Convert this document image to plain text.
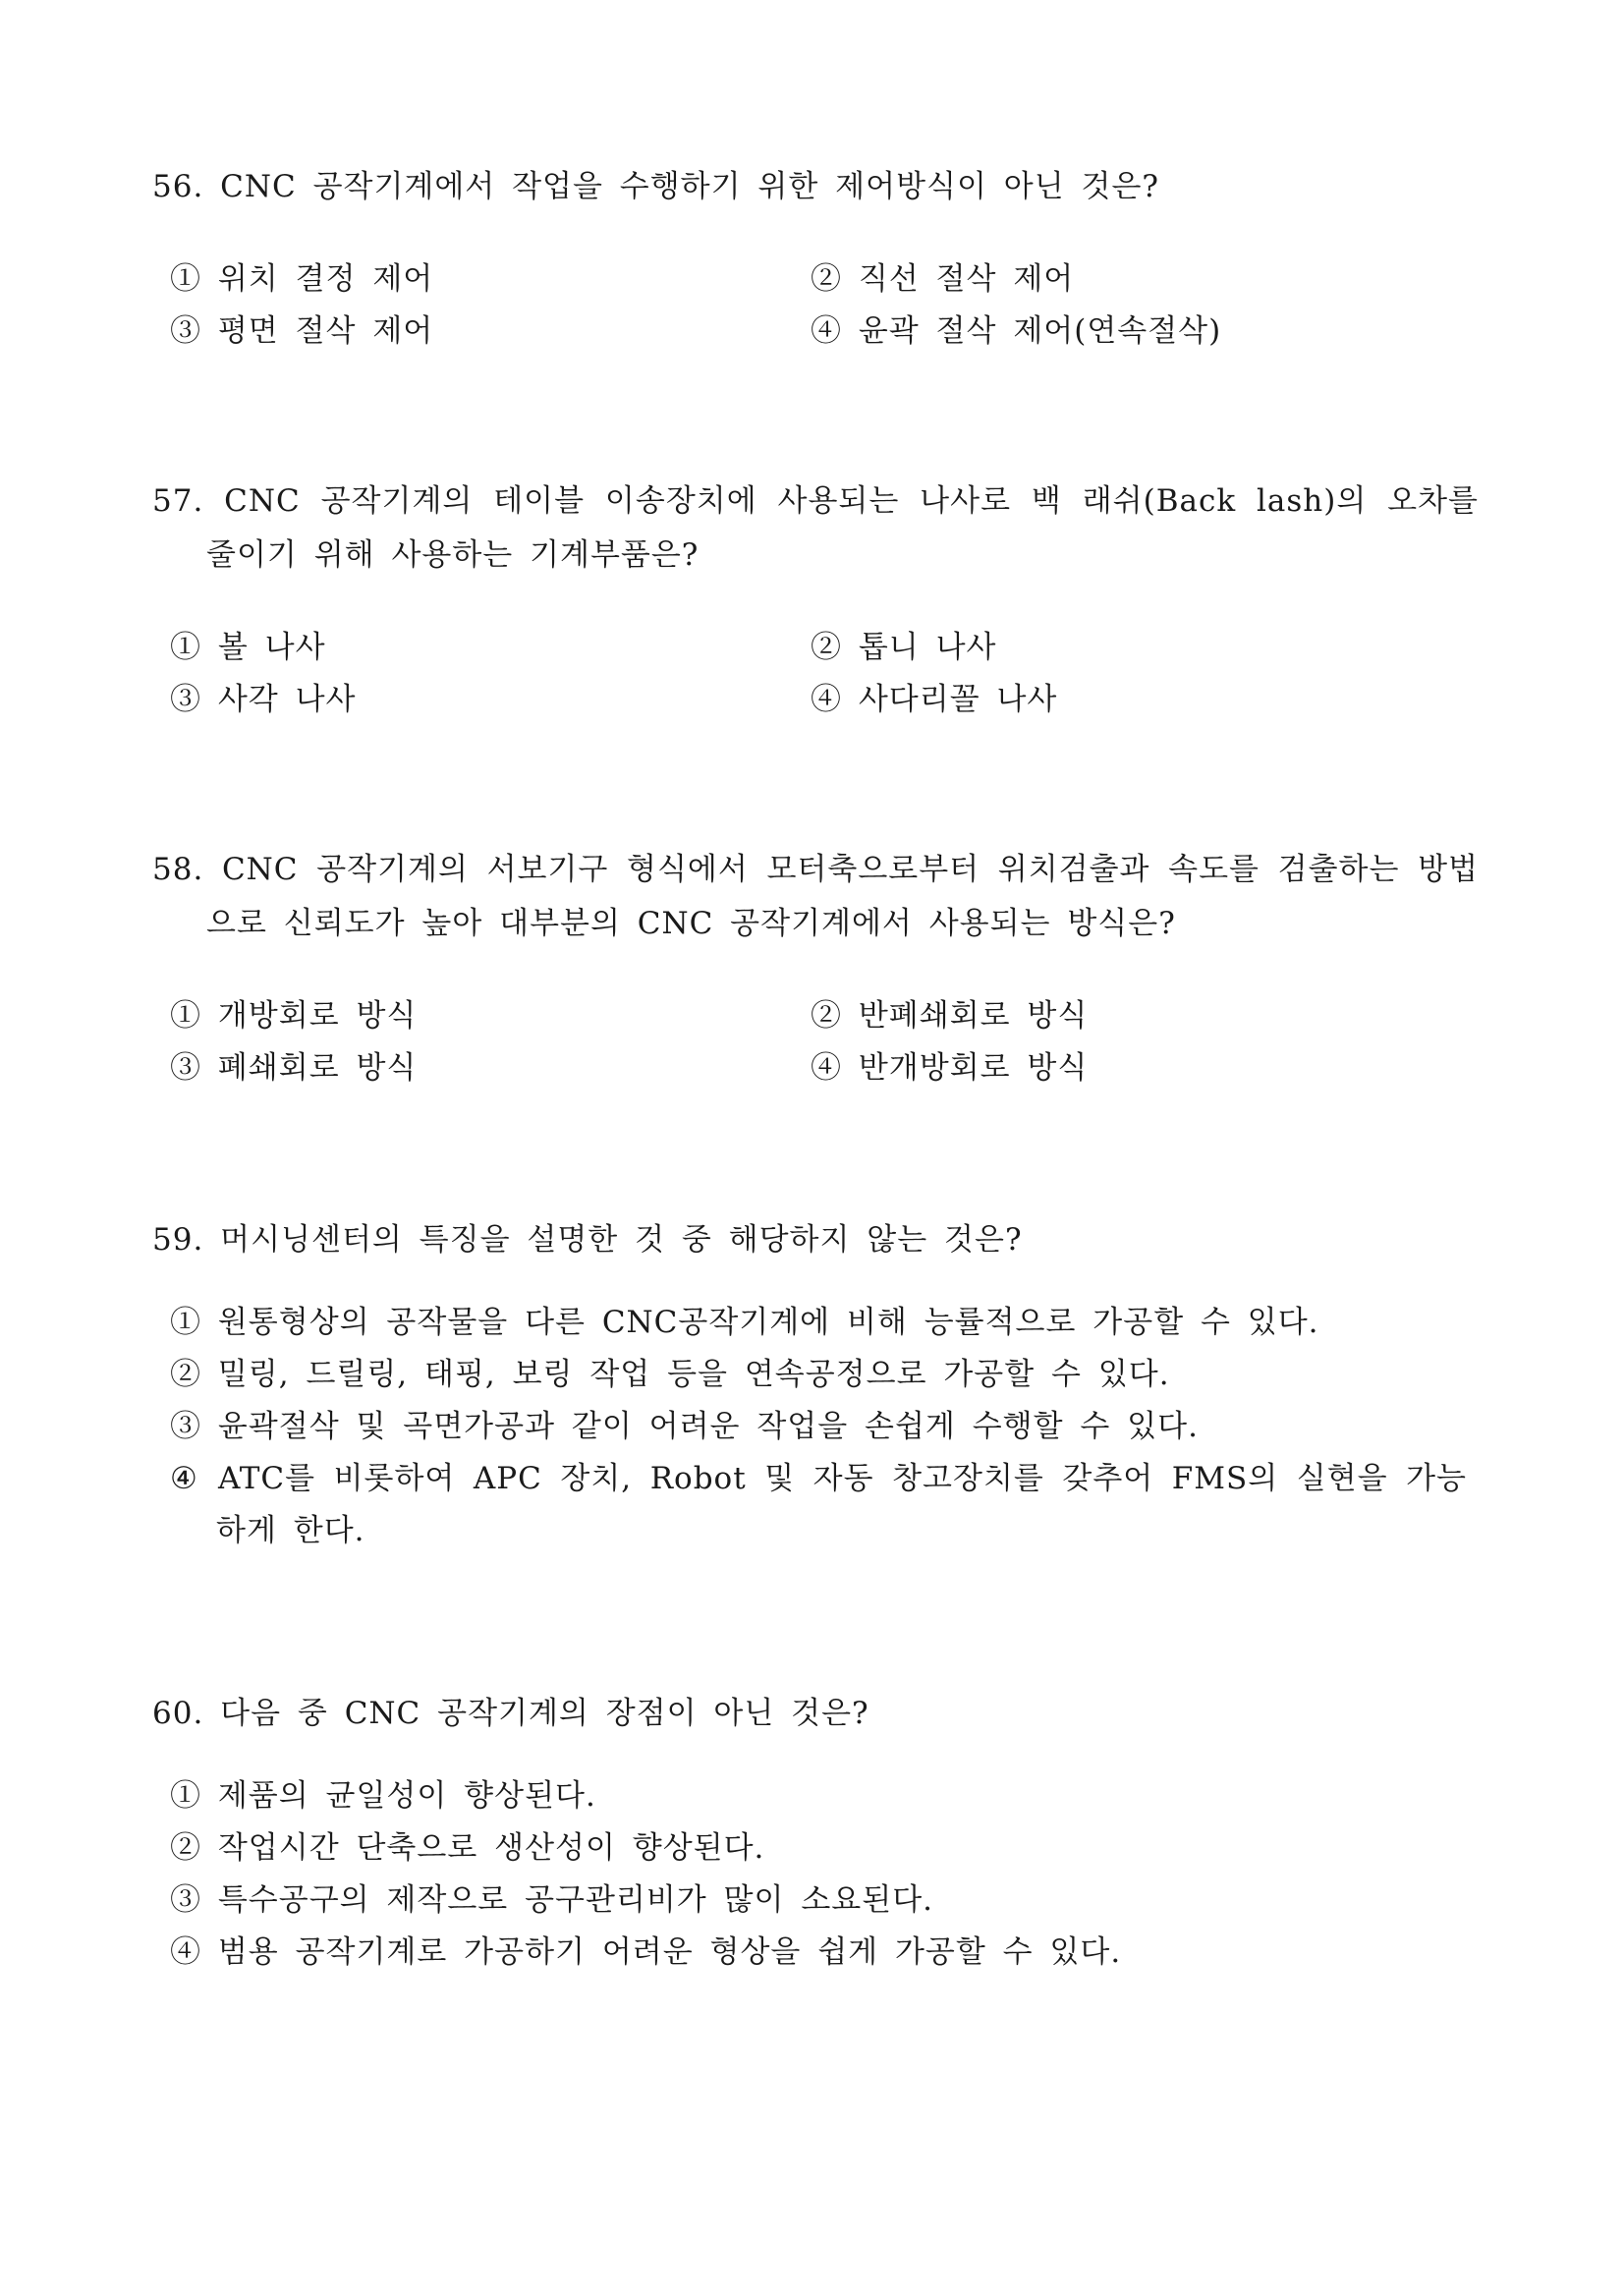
56. CNC 공작기계에서 작업을 수행하기 위한 제어방식이 아닌 것은?
① 위치 결정 제어	② 직선 절삭 제어
③ 평면 절삭 제어	④ 윤곽 절삭 제어(연속절삭)
57. CNC 공작기계의 테이블 이송장치에 사용되는 나사로 백 래쉬(Back lash)의 오차를 줄이기 위해 사용하는 기계부품은?
① 볼 나사	② 톱니 나사
③ 사각 나사	④ 사다리꼴 나사
58. CNC 공작기계의 서보기구 형식에서 모터축으로부터 위치검출과 속도를 검출하는 방법으로 신뢰도가 높아 대부분의 CNC 공작기계에서 사용되는 방식은?
① 개방회로 방식	② 반폐쇄회로 방식
③ 폐쇄회로 방식	④ 반개방회로 방식
59. 머시닝센터의 특징을 설명한 것 중 해당하지 않는 것은?
① 원통형상의 공작물을 다른 CNC공작기계에 비해 능률적으로 가공할 수 있다.
② 밀링, 드릴링, 태핑, 보링 작업 등을 연속공정으로 가공할 수 있다.
③ 윤곽절삭 및 곡면가공과 같이 어려운 작업을 손쉽게 수행할 수 있다.
④ ATC를 비롯하여 APC 장치, Robot 및 자동 창고장치를 갖추어 FMS의 실현을 가능하게 한다.
60. 다음 중 CNC 공작기계의 장점이 아닌 것은?
① 제품의 균일성이 향상된다.
② 작업시간 단축으로 생산성이 향상된다.
③ 특수공구의 제작으로 공구관리비가 많이 소요된다.
④ 범용 공작기계로 가공하기 어려운 형상을 쉽게 가공할 수 있다.
